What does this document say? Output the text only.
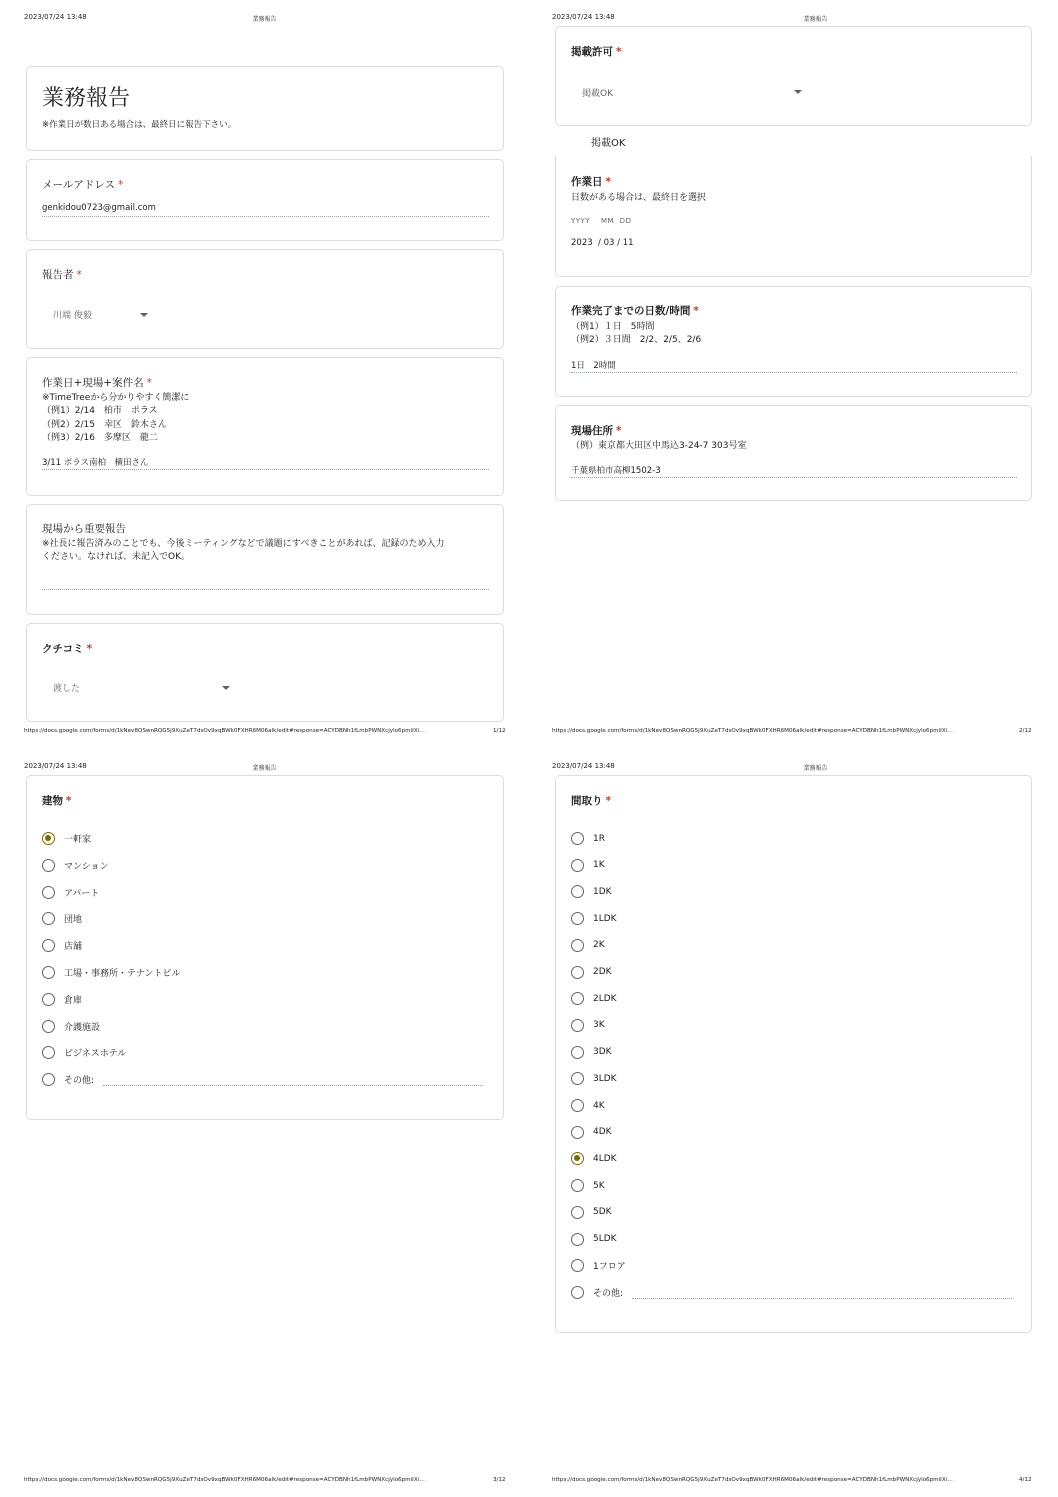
2023/07/24 13:48	業務報告
業務報告
※作業日が数日ある場合は、最終日に報告下さい。
メールアドレス *
genkidou0723@gmail.com
報告者 *
川端 俊毅
作業日+現場+案件名 *
※TimeTreeから分かりやすく簡潔に
（例1）2/14　柏市　ポラス
（例2）2/15　幸区　鈴木さん
（例3）2/16　多摩区　龍二
3/11 ポラス南柏　横田さん
現場から重要報告
※社長に報告済みのことでも、今後ミーティングなどで議題にすべきことがあれば、記録のため入力
ください。なければ、未記入でOK。
クチコミ *
渡した
https://docs.google.com/forms/d/1kNev8QSwnRQG5j9XuZeT7dsOv9xqBWk0FXHR6M06alk/edit#response=ACYDBNh1fLmbPWNXcjylo6pmiIXi…	1/12
2023/07/24 13:48	業務報告
掲載許可 *
掲載OK
掲載OK
作業日 *
日数がある場合は、最終日を選択
YYYY MM DD
2023 / 03 / 11
作業完了までの日数/時間 *
（例1）１日　5時間
（例2）３日間　2/2、2/5、2/6
1日　2時間
現場住所 *
（例）東京都大田区中馬込3-24-7 303号室
千葉県柏市高柳1502-3
https://docs.google.com/forms/d/1kNev8QSwnRQG5j9XuZeT7dsOv9xqBWk0FXHR6M06alk/edit#response=ACYDBNh1fLmbPWNXcjylo6pmiIXi…	2/12
2023/07/24 13:48	業務報告
建物 *
一軒家
マンション
アパート
団地
店舗
工場・事務所・テナントビル
倉庫
介護施設
ビジネスホテル
その他:
https://docs.google.com/forms/d/1kNev8QSwnRQG5j9XuZeT7dsOv9xqBWk0FXHR6M06alk/edit#response=ACYDBNh1fLmbPWNXcjylo6pmiIXi…	3/12
2023/07/24 13:48	業務報告
間取り *
1R
1K
1DK
1LDK
2K
2DK
2LDK
3K
3DK
3LDK
4K
4DK
4LDK
5K
5DK
5LDK
1フロア
その他:
https://docs.google.com/forms/d/1kNev8QSwnRQG5j9XuZeT7dsOv9xqBWk0FXHR6M06alk/edit#response=ACYDBNh1fLmbPWNXcjylo6pmiIXi…	4/12
